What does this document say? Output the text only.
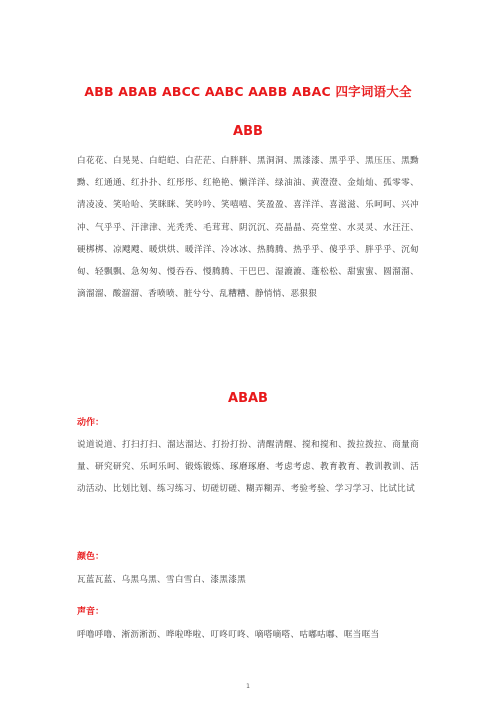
ABB ABAB ABCC AABC AABB ABAC 四字词语大全
ABB
白花花、白晃晃、白皑皑、白茫茫、白胖胖、黑洞洞、黑漆漆、黑乎乎、黑压压、黑黝黝、红通通、红扑扑、红彤彤、红艳艳、懒洋洋、绿油油、黄澄澄、金灿灿、孤零零、清凌凌、笑哈哈、笑眯眯、笑吟吟、笑嘻嘻、笑盈盈、喜洋洋、喜滋滋、乐呵呵、兴冲冲、气乎乎、汗津津、光秃秃、毛茸茸、阴沉沉、亮晶晶、亮堂堂、水灵灵、水汪汪、硬梆梆、凉飕飕、暖烘烘、暖洋洋、冷冰冰、热腾腾、热乎乎、傻乎乎、胖乎乎、沉甸甸、轻飘飘、急匆匆、慢吞吞、慢腾腾、干巴巴、湿漉漉、蓬松松、甜蜜蜜、圆溜溜、滴溜溜、酸溜溜、香喷喷、脏兮兮、乱糟糟、静悄悄、恶狠狠
ABAB
动作：
说道说道、打扫打扫、溜达溜达、打扮打扮、清醒清醒、搅和搅和、拨拉拨拉、商量商量、研究研究、乐呵乐呵、锻炼锻炼、琢磨琢磨、考虑考虑、教育教育、教训教训、活动活动、比划比划、练习练习、切磋切磋、糊弄糊弄、考验考验、学习学习、比试比试
颜色：
瓦蓝瓦蓝、乌黑乌黑、雪白雪白、漆黑漆黑
声音：
呼噜呼噜、淅沥淅沥、哗啦哗啦、叮咚叮咚、嘀嗒嘀嗒、咕嘟咕嘟、哐当哐当
1
